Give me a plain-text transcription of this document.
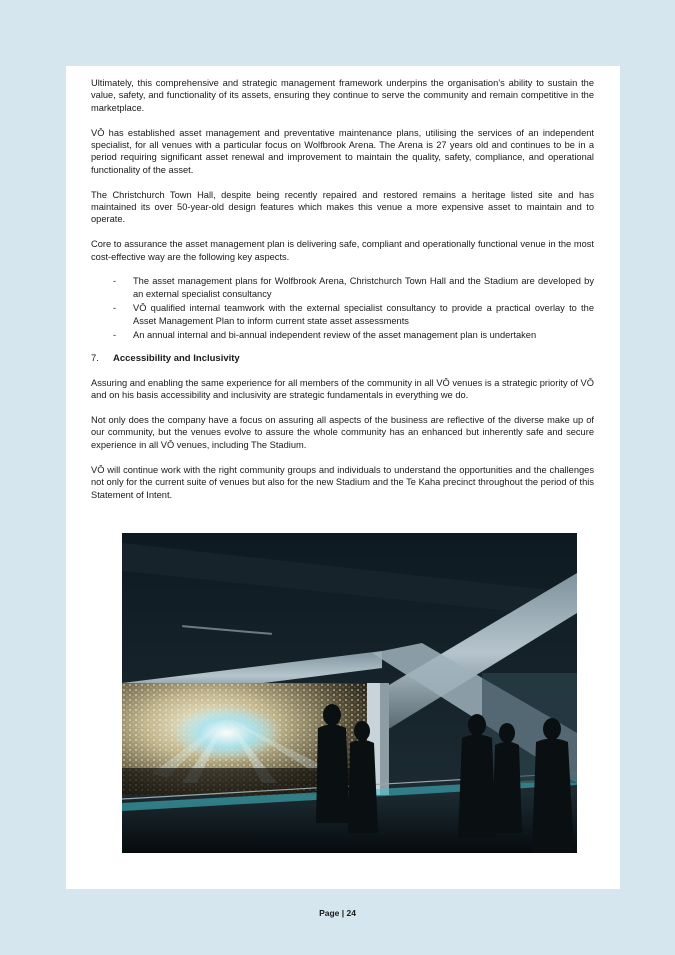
Ultimately, this comprehensive and strategic management framework underpins the organisation’s ability to sustain the value, safety, and functionality of its assets, ensuring they continue to serve the community and remain competitive in the marketplace.

VŌ has established asset management and preventative maintenance plans, utilising the services of an independent specialist, for all venues with a particular focus on Wolfbrook Arena. The Arena is 27 years old and continues to be in a period requiring significant asset renewal and improvement to maintain the quality, safety, compliance, and operational functionality of the asset.

The Christchurch Town Hall, despite being recently repaired and restored remains a heritage listed site and has maintained its over 50-year-old design features which makes this venue a more expensive asset to maintain and to operate.

Core to assurance the asset management plan is delivering safe, compliant and operationally functional venue in the most cost-effective way are the following key aspects.

- The asset management plans for Wolfbrook Arena, Christchurch Town Hall and the Stadium are developed by an external specialist consultancy
- VŌ qualified internal teamwork with the external specialist consultancy to provide a practical overlay to the Asset Management Plan to inform current state asset assessments
- An annual internal and bi-annual independent review of the asset management plan is undertaken
7.	Accessibility and Inclusivity

Assuring and enabling the same experience for all members of the community in all VŌ venues is a strategic priority of VŌ and on his basis accessibility and inclusivity are strategic fundamentals in everything we do.

Not only does the company have a focus on assuring all aspects of the business are reflective of the diverse make up of our community, but the venues evolve to assure the whole community has an enhanced but inherently safe and secure experience in all VŌ venues, including The Stadium.

VŌ will continue work with the right community groups and individuals to understand the opportunities and the challenges not only for the current suite of venues but also for the new Stadium and the Te Kaha precinct throughout the period of this Statement of Intent.

Page | 24
